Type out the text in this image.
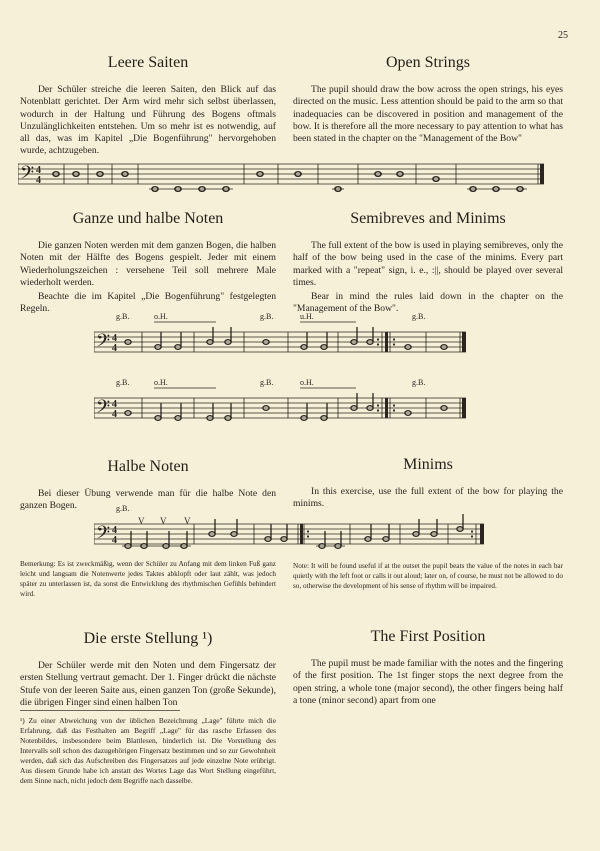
25
Leere Saiten

Der Schüler streiche die leeren Saiten, den Blick auf das Notenblatt gerichtet. Der Arm wird mehr sich selbst überlassen, wodurch in der Haltung und Führung des Bogens oftmals Unzulänglichkeiten entstehen. Um so mehr ist es notwendig, auf all das, was im Kapitel „Die Bogenführung" hervorgehoben wurde, achtzugeben.

Open Strings

The pupil should draw the bow across the open strings, his eyes directed on the music. Less attention should be paid to the arm so that inadequacies can be discovered in position and management of the bow. It is therefore all the more necessary to pay attention to what has been stated in the chapter on the "Management of the Bow"

𝄢 4
4
Ganze und halbe Noten

Die ganzen Noten werden mit dem ganzen Bogen, die halben Noten mit der Hälfte des Bogens gespielt. Jeder mit einem Wiederholungszeichen : versehene Teil soll mehrere Male wiederholt werden.

Beachte die im Kapitel „Die Bogenführung" festgelegten Regeln.

Semibreves and Minims

The full extent of the bow is used in playing semibreves, only the half of the bow being used in the case of the minims. Every part marked with a "repeat" sign, i. e., :||, should be played over several times.

Bear in mind the rules laid down in the chapter on the "Management of the Bow".

g.B.	o.H.	g.B.	u.H.	g.B.
𝄢 4
4
g.B.	o.H.	g.B.	o.H.	g.B.
𝄢 4
4
Halbe Noten

Bei dieser Übung verwende man für die halbe Note den ganzen Bogen.

Minims

In this exercise, use the full extent of the bow for playing the minims.

g.B.
V V V
𝄢 4
4

Bemerkung: Es ist zweckmäßig, wenn der Schüler zu Anfang mit dem linken Fuß ganz leicht und langsam die Notenwerte jedes Taktes abklopft oder laut zählt, was jedoch später zu unterlassen ist, da sonst die Entwicklung des rhythmischen Gefühls behindert wird.

Note: It will be found useful if at the outset the pupil beats the value of the notes in each bar quietly with the left foot or calls it out aloud; later on, of course, he must not be allowed to do so, otherwise the development of his sense of rhythm will be impaired.

Die erste Stellung ¹)

Der Schüler werde mit den Noten und dem Fingersatz der ersten Stellung vertraut gemacht. Der 1. Finger drückt die nächste Stufe von der leeren Saite aus, einen ganzen Ton (große Sekunde), die übrigen Finger sind einen halben Ton

The First Position

The pupil must be made familiar with the notes and the fingering of the first position. The 1st finger stops the next degree from the open string, a whole tone (major second), the other fingers being half a tone (minor second) apart from one

¹) Zu einer Abweichung von der üblichen Bezeichnung „Lage" führte mich die Erfahrung, daß das Festhalten am Begriff „Lage" für das rasche Erfassen des Notenbildes, insbesondere beim Blattlesen, hinderlich ist. Die Vorstellung des Intervalls soll schon des dazugehörigen Fingersatz bestimmen und so zur Gewohnheit werden, daß sich das Aufschreiben des Fingersatzes auf jede einzelne Note erübrigt. Aus diesem Grunde habe ich anstatt des Wortes Lage das Wort Stellung eingeführt, dem Sinne nach, nicht jedoch dem Begriffe nach dasselbe.
